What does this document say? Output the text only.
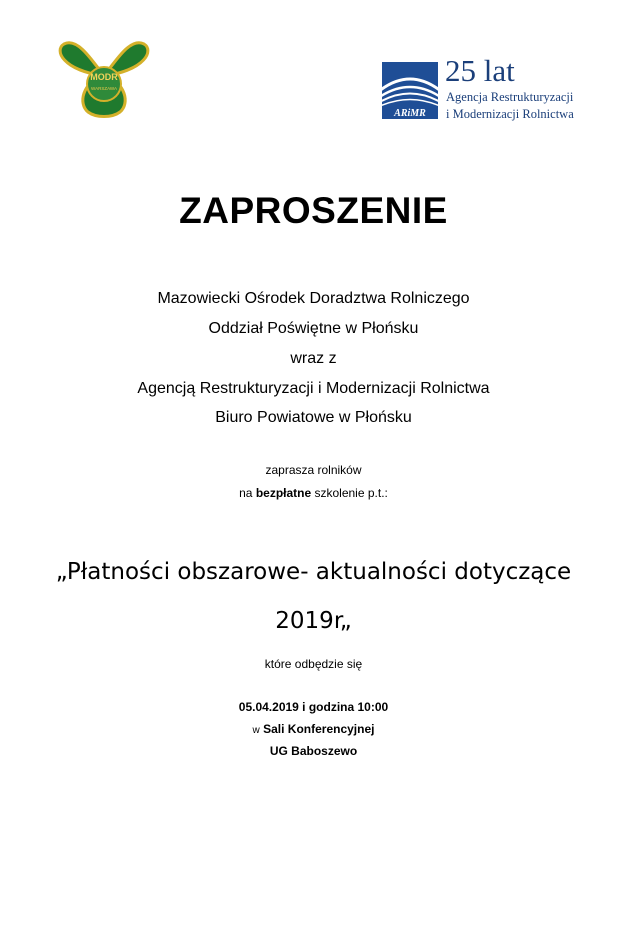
MODR
WARSZAWA
ARiMR
25 lat
Agencja Restrukturyzacji
i Modernizacji Rolnictwa
ZAPROSZENIE
Mazowiecki Ośrodek Doradztwa Rolniczego
Oddział Poświętne w Płońsku
wraz z
Agencją Restrukturyzacji i Modernizacji Rolnictwa
Biuro Powiatowe w Płońsku
zaprasza rolników
na bezpłatne szkolenie p.t.:
„Płatności obszarowe- aktualności dotyczące
2019r„
które odbędzie się
05.04.2019 i godzina 10:00
w Sali Konferencyjnej
UG Baboszewo
